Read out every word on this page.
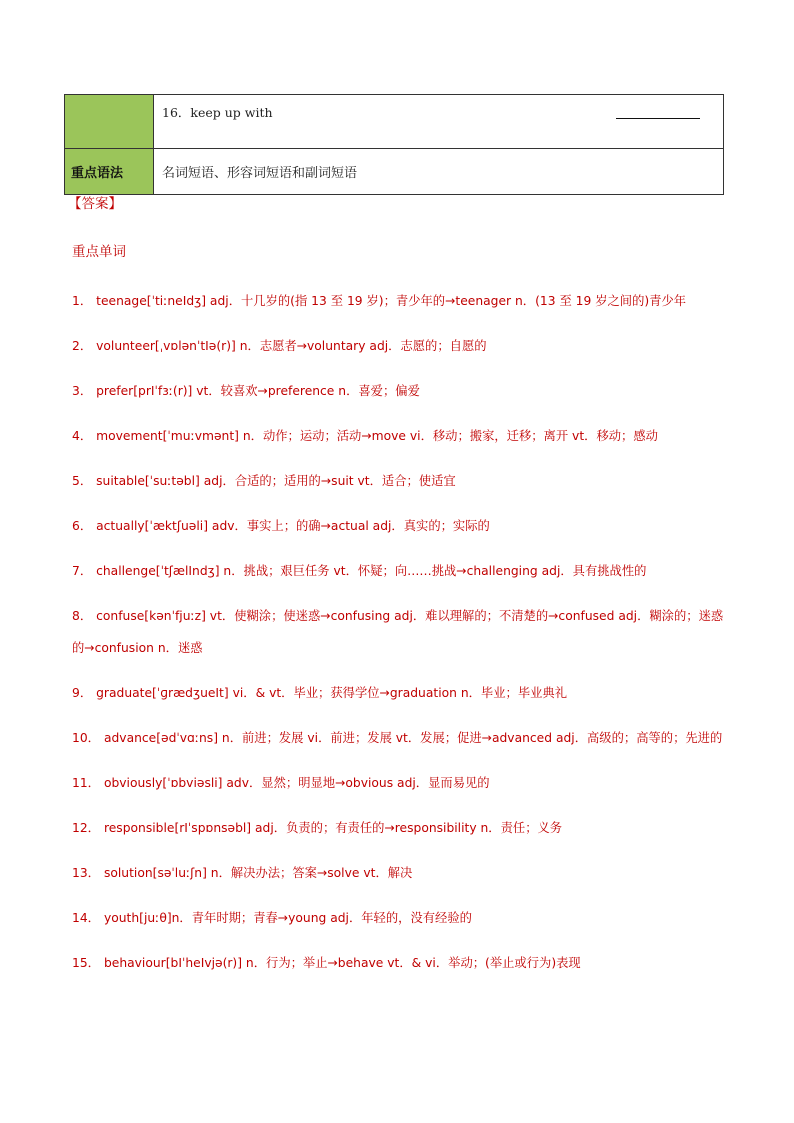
	16．keep up with

重点语法	名词短语、形容词短语和副词短语
【答案】
重点单词
1． teenage[ˈtiːneIdʒ] adj．十几岁的(指 13 至 19 岁)；青少年的→teenager n．(13 至 19 岁之间的)青少年
2． volunteer[ˌvɒlənˈtIə(r)] n．志愿者→voluntary adj．志愿的；自愿的
3． prefer[prIˈfɜː(r)] vt．较喜欢→preference n．喜爱；偏爱
4． movement[ˈmuːvmənt] n．动作；运动；活动→move vi．移动；搬家，迁移；离开 vt．移动；感动
5． suitable[ˈsuːtəbl] adj．合适的；适用的→suit vt．适合；使适宜
6． actually[ˈæktʃuəli] adv．事实上；的确→actual adj．真实的；实际的
7． challenge[ˈtʃælIndʒ] n．挑战；艰巨任务 vt．怀疑；向……挑战→challenging adj．具有挑战性的
8． confuse[kənˈfjuːz] vt．使糊涂；使迷惑→confusing adj．难以理解的；不清楚的→confused adj．糊涂的；迷惑的→confusion n．迷惑
9． graduate[ˈɡrædʒueIt] vi．& vt．毕业；获得学位→graduation n．毕业；毕业典礼
10． advance[ədˈvɑːns] n．前进；发展 vi．前进；发展 vt．发展；促进→advanced adj．高级的；高等的；先进的
11． obviously[ˈɒbviəsli] adv．显然；明显地→obvious adj．显而易见的
12． responsible[rIˈspɒnsəbl] adj．负责的；有责任的→responsibility n．责任；义务
13． solution[səˈluːʃn] n．解决办法；答案→solve vt．解决
14． youth[juːθ]n．青年时期；青春→young adj．年轻的，没有经验的
15． behaviour[bIˈheIvjə(r)] n．行为；举止→behave vt．& vi．举动；(举止或行为)表现
